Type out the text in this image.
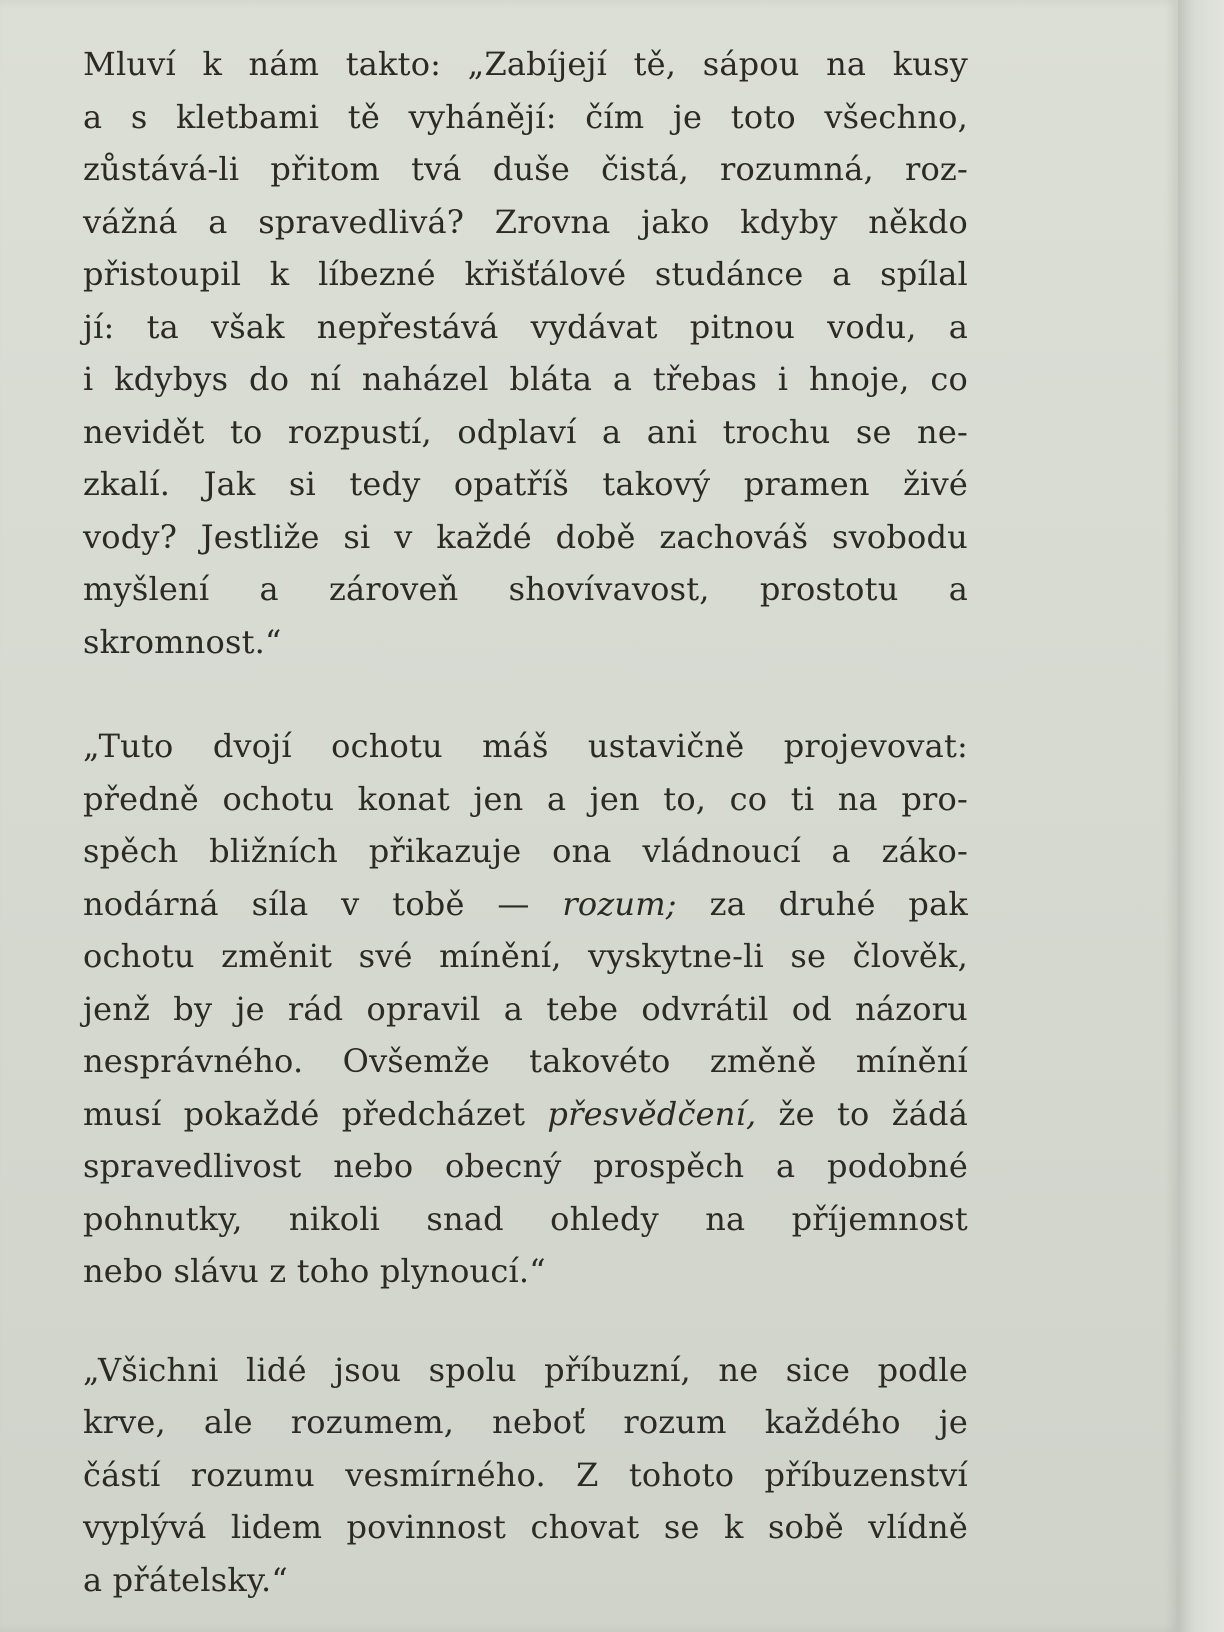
Mluví k nám takto: „Zabíjejí tě, sápou na kusy
a s kletbami tě vyhánějí: čím je toto všechno,
zůstává-li přitom tvá duše čistá, rozumná, roz-
vážná a spravedlivá? Zrovna jako kdyby někdo
přistoupil k líbezné křišťálové studánce a spílal
jí: ta však nepřestává vydávat pitnou vodu, a
i kdybys do ní naházel bláta a třebas i hnoje, co
nevidět to rozpustí, odplaví a ani trochu se ne-
zkalí. Jak si tedy opatříš takový pramen živé
vody? Jestliže si v každé době zachováš svobodu
myšlení a zároveň shovívavost, prostotu a
skromnost.“
„Tuto dvojí ochotu máš ustavičně projevovat:
předně ochotu konat jen a jen to, co ti na pro-
spěch bližních přikazuje ona vládnoucí a záko-
nodárná síla v tobě — rozum; za druhé pak
ochotu změnit své mínění, vyskytne-li se člověk,
jenž by je rád opravil a tebe odvrátil od názoru
nesprávného. Ovšemže takovéto změně mínění
musí pokaždé předcházet přesvědčení, že to žádá
spravedlivost nebo obecný prospěch a podobné
pohnutky, nikoli snad ohledy na příjemnost
nebo slávu z toho plynoucí.“
„Všichni lidé jsou spolu příbuzní, ne sice podle
krve, ale rozumem, neboť rozum každého je
částí rozumu vesmírného. Z tohoto příbuzenství
vyplývá lidem povinnost chovat se k sobě vlídně
a přátelsky.“
